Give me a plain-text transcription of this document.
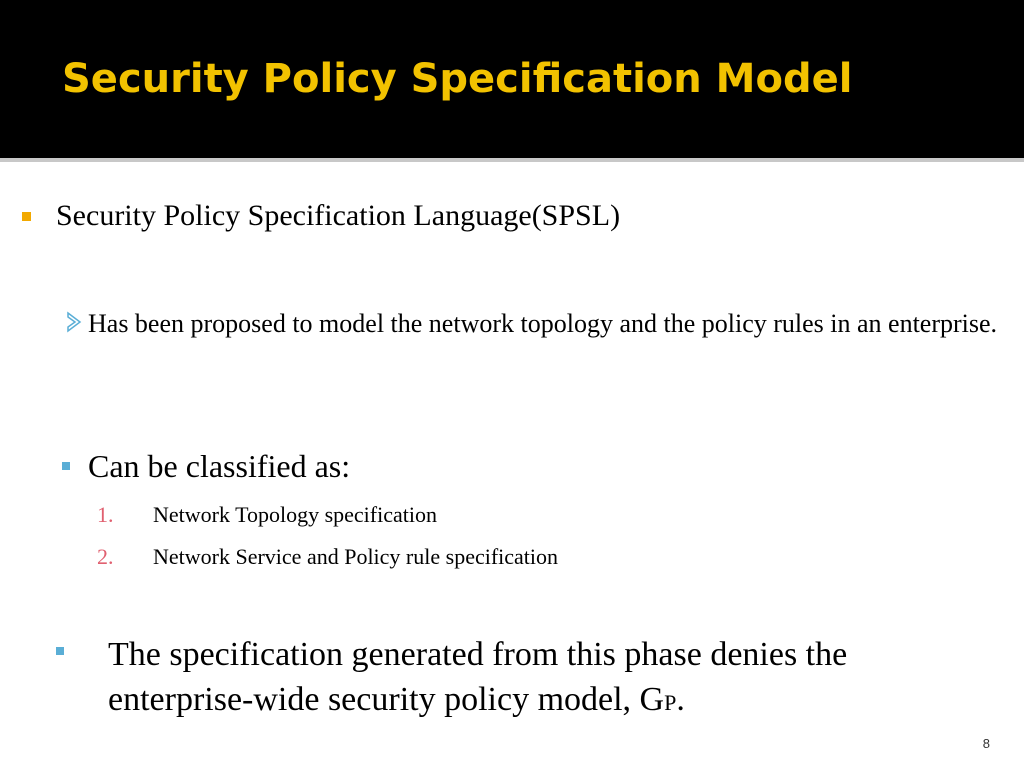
Security Policy Specification Model
Security Policy Specification Language(SPSL)
Has been proposed to model the network topology and the policy rules in an enterprise.
Can be classified as:
1. Network Topology specification
2. Network Service and Policy rule specification
The specification generated from this phase denies the enterprise-wide security policy model, GP.
8
